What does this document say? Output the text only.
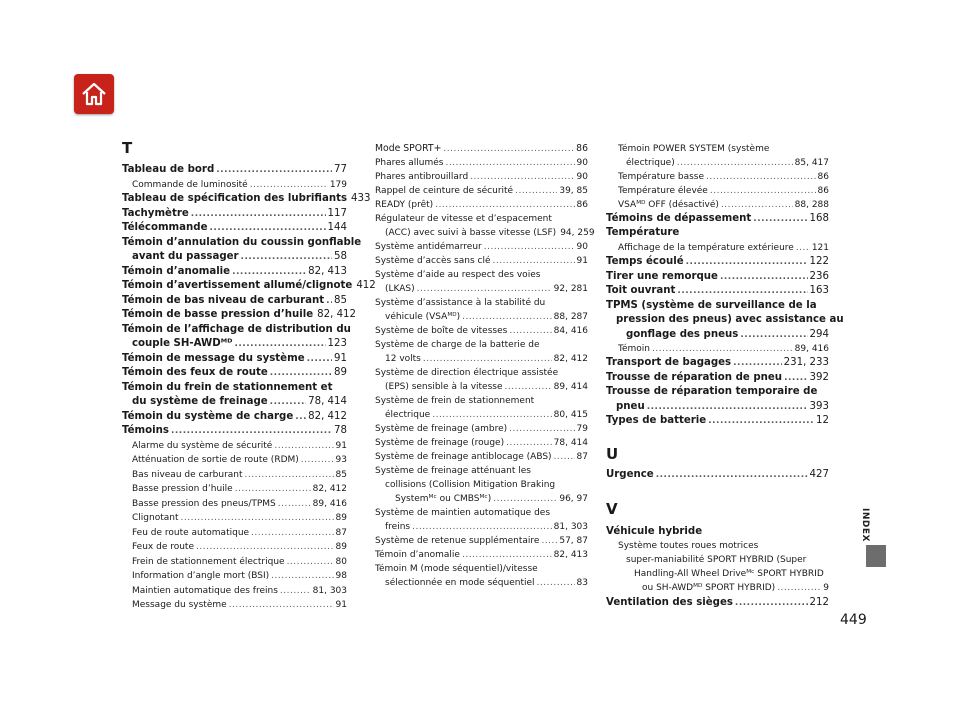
T
Tableau de bord .....	77
Commande de luminosité .....	179
Tableau de spécification des lubrifiants 433
Tachymètre .....	117
Télécommande .....	144
Témoin d’annulation du coussin gonflable
avant du passager .....	58
Témoin d’anomalie .....	82, 413
Témoin d’avertissement allumé/clignote 412
Témoin de bas niveau de carburant ..... 85
Témoin de basse pression d’huile 82, 412
Témoin de l’affichage de distribution du
couple SH-AWDᴹᴰ .....	123
Témoin de message du système .....	91
Témoin des feux de route .....	89
Témoin du frein de stationnement et
du système de freinage .....	78, 414
Témoin du système de charge ..... 82, 412
Témoins .....	78
Alarme du système de sécurité .....	91
Atténuation de sortie de route (RDM) .....	93
Bas niveau de carburant .....	85
Basse pression d’huile .....	82, 412
Basse pression des pneus/TPMS .....	89, 416
Clignotant .....	89
Feu de route automatique .....	87
Feux de route .....	89
Frein de stationnement électrique .....	80
Information d’angle mort (BSI) .....	98
Maintien automatique des freins .....	81, 303
Message du système .....	91
Mode SPORT+ .....	86
Phares allumés .....	90
Phares antibrouillard .....	90
Rappel de ceinture de sécurité .....	39, 85
READY (prêt) .....	86
Régulateur de vitesse et d’espacement
(ACC) avec suivi à basse vitesse (LSF) 94, 259
Système antidémarreur .....	90
Système d’accès sans clé .....	91
Système d’aide au respect des voies
(LKAS) .....	92, 281
Système d’assistance à la stabilité du
véhicule (VSAᴹᴰ) .....	88, 287
Système de boîte de vitesses .....	84, 416
Système de charge de la batterie de
12 volts .....	82, 412
Système de direction électrique assistée
(EPS) sensible à la vitesse .....	89, 414
Système de frein de stationnement
électrique .....	80, 415
Système de freinage (ambre) .....	79
Système de freinage (rouge) .....	78, 414
Système de freinage antiblocage (ABS) .....	87
Système de freinage atténuant les
collisions (Collision Mitigation Braking
Systemᴹᶜ ou CMBSᴹᶜ) .....	96, 97
Système de maintien automatique des
freins .....	81, 303
Système de retenue supplémentaire ..... 57, 87
Témoin d’anomalie .....	82, 413
Témoin M (mode séquentiel)/vitesse
sélectionnée en mode séquentiel .....	83
Témoin POWER SYSTEM (système
électrique) .....	85, 417
Température basse .....	86
Température élevée .....	86
VSAᴹᴰ OFF (désactivé) .....	88, 288
Témoins de dépassement .....	168
Température
Affichage de la température extérieure ..... 121
Temps écoulé .....	122
Tirer une remorque .....	236
Toit ouvrant .....	163
TPMS (système de surveillance de la
pression des pneus) avec assistance au
gonflage des pneus .....	294
Témoin .....	89, 416
Transport de bagages .....	231, 233
Trousse de réparation de pneu .....	392
Trousse de réparation temporaire de
pneu .....	393
Types de batterie .....	12
U
Urgence .....	427
V
Véhicule hybride
Système toutes roues motrices
super-maniabilité SPORT HYBRID (Super
Handling-All Wheel Driveᴹᶜ SPORT HYBRID
ou SH-AWDᴹᴰ SPORT HYBRID) .....	9
Ventilation des sièges .....	212
INDEX
449
